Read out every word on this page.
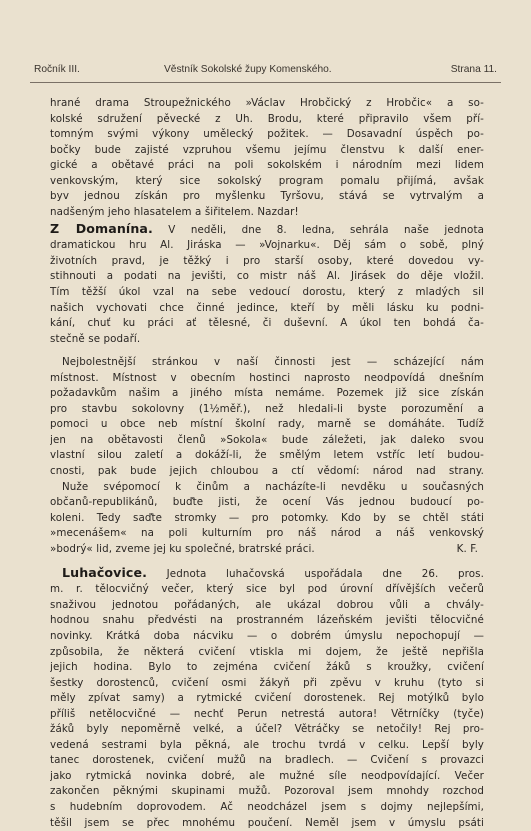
Ročník III.	Věstník Sokolské župy Komenského.	Strana 11.
hrané drama Stroupežnického »Václav Hrobčický z Hrobčic« a so-
kolské sdružení pěvecké z Uh. Brodu, které připravilo všem pří-
tomným svými výkony umělecký požitek. — Dosavadní úspěch po-
bočky bude zajisté vzpruhou všemu jejímu členstvu k další ener-
gické a obětavé práci na poli sokolském i národním mezi lidem
venkovským, který sice sokolský program pomalu přijímá, avšak
byv jednou získán pro myšlenku Tyršovu, stává se vytrvalým a
nadšeným jeho hlasatelem a šiřitelem. Nazdar!
Z Domanína. V neděli, dne 8. ledna, sehrála naše jednota
dramatickou hru Al. Jiráska — »Vojnarku«. Děj sám o sobě, plný
životních pravd, je těžký i pro starší osoby, které dovedou vy-
stihnouti a podati na jevišti, co mistr náš Al. Jirásek do děje vložil.
Tím těžší úkol vzal na sebe vedoucí dorostu, který z mladých sil
našich vychovati chce činné jedince, kteří by měli lásku ku podni-
kání, chuť ku práci ať tělesné, či duševní. A úkol ten bohdá ča-
stečně se podaří.
Nejbolestnější stránkou v naší činnosti jest — scházející nám
místnost. Místnost v obecním hostinci naprosto neodpovídá dnešním
požadavkům našim a jiného místa nemáme. Pozemek již sice získán
pro stavbu sokolovny (1½měř.), než hledali-li byste porozumění a
pomoci u obce neb místní školní rady, marně se domáháte. Tudíž
jen na obětavosti členů »Sokola« bude záležeti, jak daleko svou
vlastní silou zaletí a dokáží-li, že smělým letem vstříc letí budou-
cnosti, pak bude jejich chloubou a ctí vědomí: národ nad strany.
Nuže svépomocí k činům a nacházíte-li nevděku u současných
občanů-republikánů, buďte jisti, že ocení Vás jednou budoucí po-
koleni. Tedy saďte stromky — pro potomky. Kdo by se chtěl státi
»mecenášem« na poli kulturním pro náš národ a náš venkovský
»bodrý« lid, zveme jej ku společné, bratrské práci.	K. F.
Luhačovice. Jednota luhačovská uspořádala dne 26. pros.
m. r. tělocvičný večer, který sice byl pod úrovní dřívějších večerů
snaživou jednotou pořádaných, ale ukázal dobrou vůli a chvály-
hodnou snahu předvésti na prostranném lázeňském jevišti tělocvičné
novinky. Krátká doba nácviku — o dobrém úmyslu nepochopují —
způsobila, že některá cvičení vtiskla mi dojem, že ještě nepřišla
jejich hodina. Bylo to zejména cvičení žáků s kroužky, cvičení
šestky dorostenců, cvičení osmi žákyň při zpěvu v kruhu (tyto si
měly zpívat samy) a rytmické cvičení dorostenek. Rej motýlků bylo
příliš netělocvičné — nechť Perun netrestá autora! Větrníčky (tyče)
žáků byly nepoměrně velké, a účel? Větráčky se netočily! Rej pro-
vedená sestrami byla pěkná, ale trochu tvrdá v celku. Lepší byly
tanec dorostenek, cvičení mužů na bradlech. — Cvičení s provazci
jako rytmická novinka dobré, ale mužné síle neodpovídající. Večer
zakončen pěknými skupinami mužů. Pozoroval jsem mnohdy rozchod
s hudebním doprovodem. Ač neodcházel jsem s dojmy nejlepšími,
těšil jsem se přec mnohému poučení. Neměl jsem v úmyslu psáti
